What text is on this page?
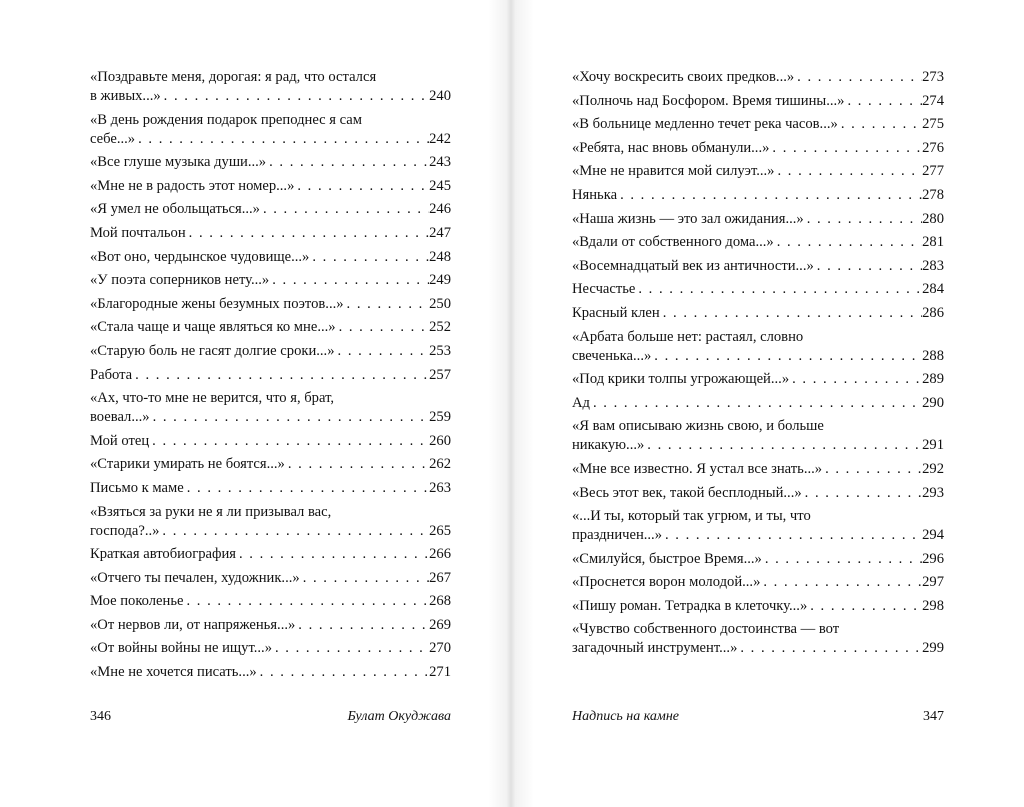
«Поздравьте меня, дорогая: я рад, что остался
в живых...» . . .	240
«В день рождения подарок преподнес я сам
себе...» . . .	242
«Все глуше музыка души...» . . .	243
«Мне не в радость этот номер...» . . .	245
«Я умел не обольщаться...» . . .	246
Мой почтальон . . .	247
«Вот оно, чердынское чудовище...» . . .	248
«У поэта соперников нету...» . . .	249
«Благородные жены безумных поэтов...» . . .	250
«Стала чаще и чаще являться ко мне...» . . .	252
«Старую боль не гасят долгие сроки...» . . .	253
Работа . . .	257
«Ах, что-то мне не верится, что я, брат,
воевал...» . . .	259
Мой отец . . .	260
«Старики умирать не боятся...» . . .	262
Письмо к маме . . .	263
«Взяться за руки не я ли призывал вас,
господа?..» . . .	265
Краткая автобиография . . .	266
«Отчего ты печален, художник...» . . .	267
Мое поколенье . . .	268
«От нервов ли, от напряженья...» . . .	269
«От войны войны не ищут...» . . .	270
«Мне не хочется писать...» . . .	271
346	Булат Окуджава
«Хочу воскресить своих предков...» . . .	273
«Полночь над Босфором. Время тишины...» . . .	274
«В больнице медленно течет река часов...» . . .	275
«Ребята, нас вновь обманули...» . . .	276
«Мне не нравится мой силуэт...» . . .	277
Нянька . . .	278
«Наша жизнь — это зал ожидания...» . . .	280
«Вдали от собственного дома...» . . .	281
«Восемнадцатый век из античности...» . . .	283
Несчастье . . .	284
Красный клен . . .	286
«Арбата больше нет: растаял, словно
свеченька...» . . .	288
«Под крики толпы угрожающей...» . . .	289
Ад . . .	290
«Я вам описываю жизнь свою, и больше
никакую...» . . .	291
«Мне все известно. Я устал все знать...» . . .	292
«Весь этот век, такой бесплодный...» . . .	293
«...И ты, который так угрюм, и ты, что
праздничен...» . . .	294
«Смилуйся, быстрое Время...» . . .	296
«Проснется ворон молодой...» . . .	297
«Пишу роман. Тетрадка в клеточку...» . . .	298
«Чувство собственного достоинства — вот
загадочный инструмент...» . . .	299
Надпись на камне	347
